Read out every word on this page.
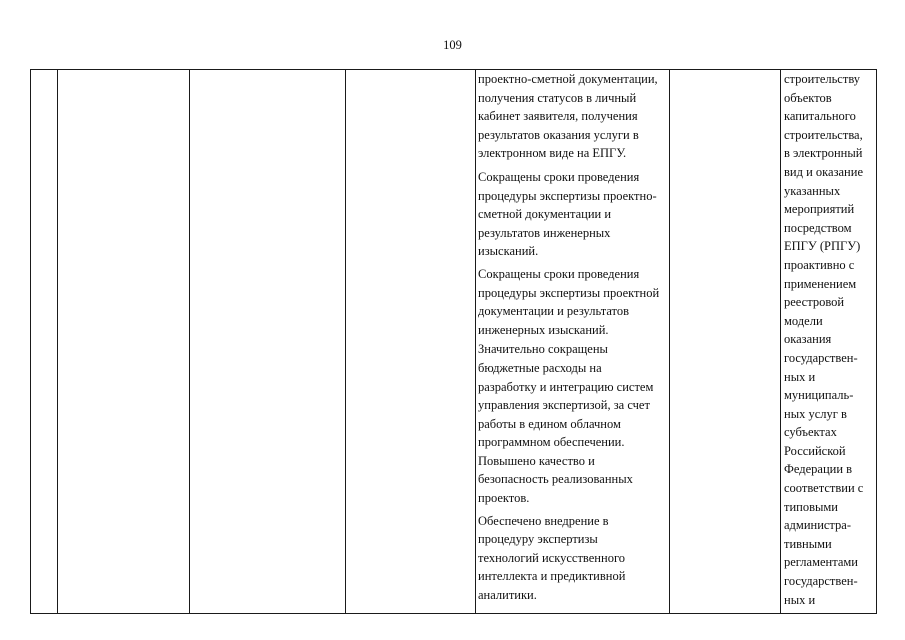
109
проектно-сметной документации,
получения статусов в личный
кабинет заявителя, получения
результатов оказания услуги в
электронном виде на ЕПГУ.
Сокращены сроки проведения
процедуры экспертизы проектно-
сметной документации и
результатов инженерных
изысканий.
Сокращены сроки проведения
процедуры экспертизы проектной
документации и результатов
инженерных изысканий.
Значительно сокращены
бюджетные расходы на
разработку и интеграцию систем
управления экспертизой, за счет
работы в едином облачном
программном обеспечении.
Повышено качество и
безопасность реализованных
проектов.
Обеспечено внедрение в
процедуру экспертизы
технологий искусственного
интеллекта и предиктивной
аналитики.
строительству
объектов
капитального
строительства,
в электронный
вид и оказание
указанных
мероприятий
посредством
ЕПГУ (РПГУ)
проактивно с
применением
реестровой
модели
оказания
государствен-
ных и
муниципаль-
ных услуг в
субъектах
Российской
Федерации в
соответствии с
типовыми
администра-
тивными
регламентами
государствен-
ных и
